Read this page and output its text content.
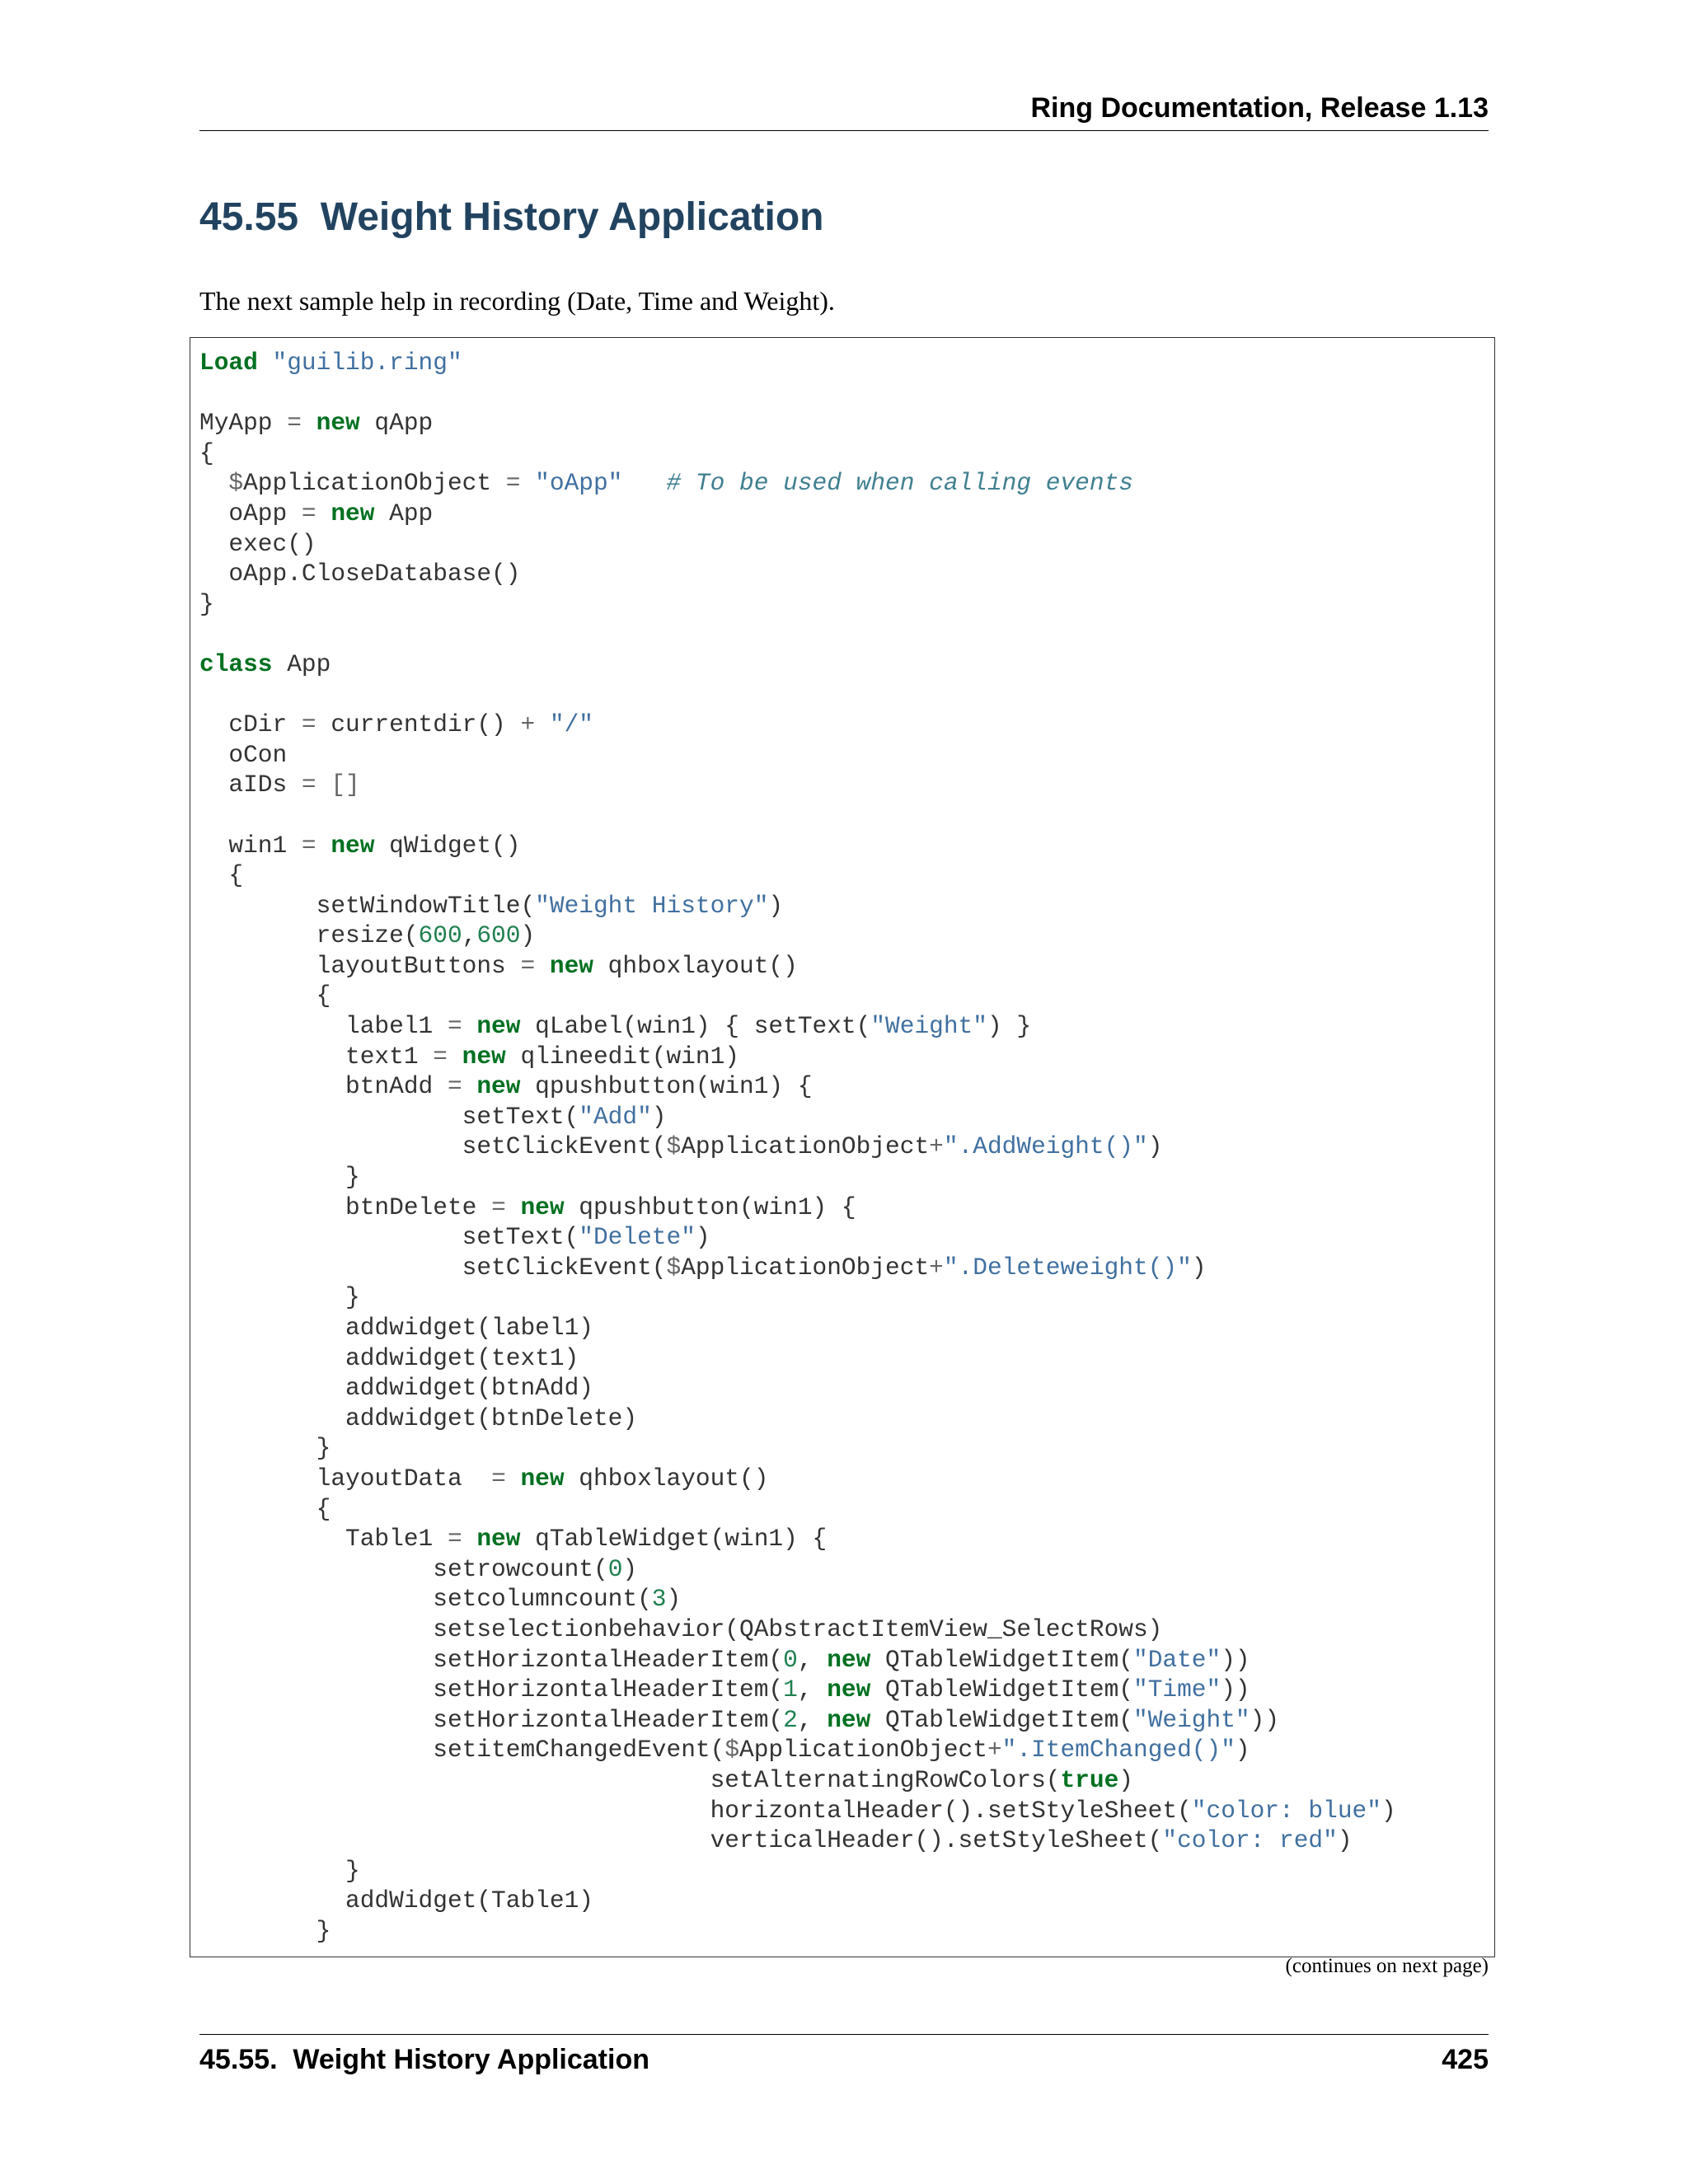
Ring Documentation, Release 1.13
45.55  Weight History Application

The next sample help in recording (Date, Time and Weight).

Load "guilib.ring"

MyApp = new qApp
{
$ApplicationObject = "oApp" # To be used when calling events
oApp = new App
exec()
oApp.CloseDatabase()
}

class App

cDir = currentdir() + "/"
oCon
aIDs = []

win1 = new qWidget()
{
setWindowTitle("Weight History")
resize(600,600)
layoutButtons = new qhboxlayout()
{
label1 = new qLabel(win1) { setText("Weight") }
text1 = new qlineedit(win1)
btnAdd = new qpushbutton(win1) {
setText("Add")
setClickEvent($ApplicationObject+".AddWeight()")
}
btnDelete = new qpushbutton(win1) {
setText("Delete")
setClickEvent($ApplicationObject+".Deleteweight()")
}
addwidget(label1)
addwidget(text1)
addwidget(btnAdd)
addwidget(btnDelete)
}
layoutData  = new qhboxlayout()
{
Table1 = new qTableWidget(win1) {
setrowcount(0)
setcolumncount(3)
setselectionbehavior(QAbstractItemView_SelectRows)
setHorizontalHeaderItem(0, new QTableWidgetItem("Date"))
setHorizontalHeaderItem(1, new QTableWidgetItem("Time"))
setHorizontalHeaderItem(2, new QTableWidgetItem("Weight"))
setitemChangedEvent($ApplicationObject+".ItemChanged()")
setAlternatingRowColors(true)
horizontalHeader().setStyleSheet("color: blue")
verticalHeader().setStyleSheet("color: red")
}
addWidget(Table1)
}
(continues on next page)
45.55.  Weight History Application	425
